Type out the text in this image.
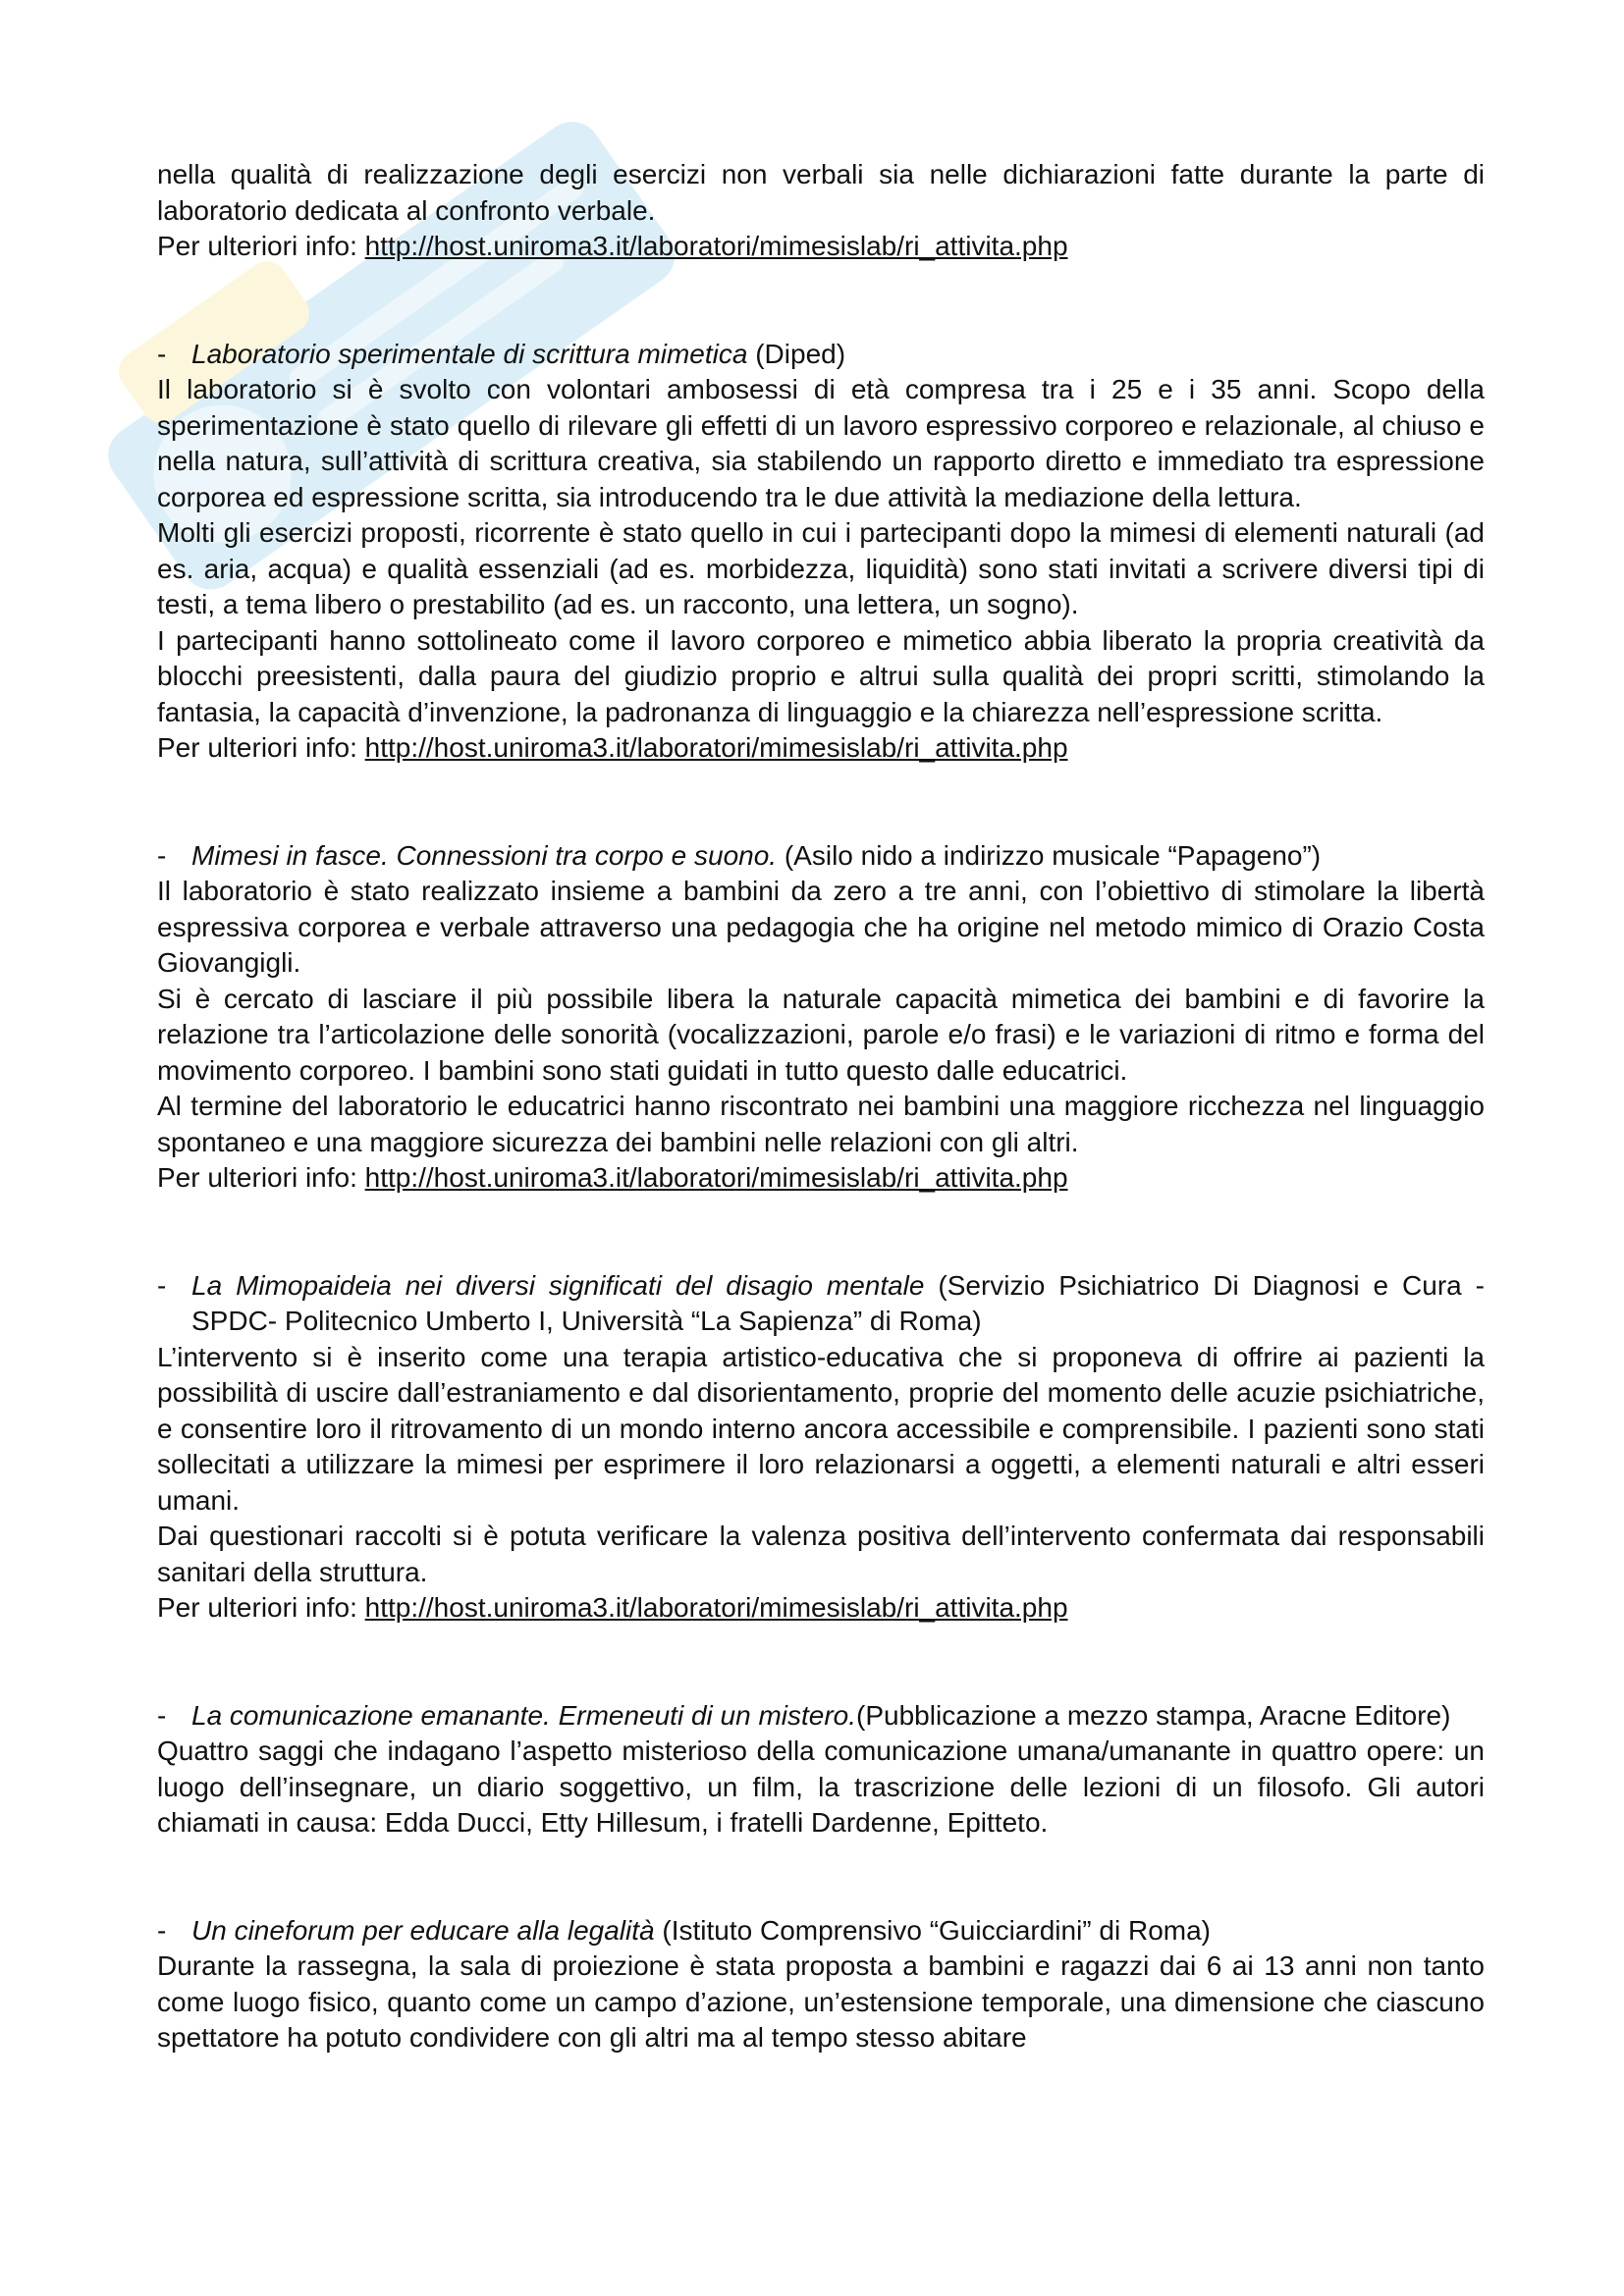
nella qualità di realizzazione degli esercizi non verbali sia nelle dichiarazioni fatte durante la parte di laboratorio dedicata al confronto verbale.

Per ulteriori info: http://host.uniroma3.it/laboratori/mimesislab/ri_attivita.php

- Laboratorio sperimentale di scrittura mimetica (Diped)

Il laboratorio si è svolto con volontari ambosessi di età compresa tra i 25 e i 35 anni. Scopo della sperimentazione è stato quello di rilevare gli effetti di un lavoro espressivo corporeo e relazionale, al chiuso e nella natura, sull’attività di scrittura creativa, sia stabilendo un rapporto diretto e immediato tra espressione corporea ed espressione scritta, sia introducendo tra le due attività la mediazione della lettura.

Molti gli esercizi proposti, ricorrente è stato quello in cui i partecipanti dopo la mimesi di elementi naturali (ad es. aria, acqua) e qualità essenziali (ad es. morbidezza, liquidità) sono stati invitati a scrivere diversi tipi di testi, a tema libero o prestabilito (ad es. un racconto, una lettera, un sogno).

I partecipanti hanno sottolineato come il lavoro corporeo e mimetico abbia liberato la propria creatività da blocchi preesistenti, dalla paura del giudizio proprio e altrui sulla qualità dei propri scritti, stimolando la fantasia, la capacità d’invenzione, la padronanza di linguaggio e la chiarezza nell’espressione scritta.

Per ulteriori info: http://host.uniroma3.it/laboratori/mimesislab/ri_attivita.php

- Mimesi in fasce. Connessioni tra corpo e suono. (Asilo nido a indirizzo musicale “Papageno”)

Il laboratorio è stato realizzato insieme a bambini da zero a tre anni, con l’obiettivo di stimolare la libertà espressiva corporea e verbale attraverso una pedagogia che ha origine nel metodo mimico di Orazio Costa Giovangigli.

Si è cercato di lasciare il più possibile libera la naturale capacità mimetica dei bambini e di favorire la relazione tra l’articolazione delle sonorità (vocalizzazioni, parole e/o frasi) e le variazioni di ritmo e forma del movimento corporeo. I bambini sono stati guidati in tutto questo dalle educatrici.

Al termine del laboratorio le educatrici hanno riscontrato nei bambini una maggiore ricchezza nel linguaggio spontaneo e una maggiore sicurezza dei bambini nelle relazioni con gli altri.

Per ulteriori info: http://host.uniroma3.it/laboratori/mimesislab/ri_attivita.php

- La Mimopaideia nei diversi significati del disagio mentale (Servizio Psichiatrico Di Diagnosi e Cura - SPDC- Politecnico Umberto I, Università “La Sapienza” di Roma)

L’intervento si è inserito come una terapia artistico-educativa che si proponeva di offrire ai pazienti la possibilità di uscire dall’estraniamento e dal disorientamento, proprie del momento delle acuzie psichiatriche, e consentire loro il ritrovamento di un mondo interno ancora accessibile e comprensibile. I pazienti sono stati sollecitati a utilizzare la mimesi per esprimere il loro relazionarsi a oggetti, a elementi naturali e altri esseri umani.

Dai questionari raccolti si è potuta verificare la valenza positiva dell’intervento confermata dai responsabili sanitari della struttura.

Per ulteriori info: http://host.uniroma3.it/laboratori/mimesislab/ri_attivita.php

- La comunicazione emanante. Ermeneuti di un mistero.(Pubblicazione a mezzo stampa, Aracne Editore)

Quattro saggi che indagano l’aspetto misterioso della comunicazione umana/umanante in quattro opere: un luogo dell’insegnare, un diario soggettivo, un film, la trascrizione delle lezioni di un filosofo. Gli autori chiamati in causa: Edda Ducci, Etty Hillesum, i fratelli Dardenne, Epitteto.

- Un cineforum per educare alla legalità (Istituto Comprensivo “Guicciardini” di Roma)

Durante la rassegna, la sala di proiezione è stata proposta a bambini e ragazzi dai 6 ai 13 anni non tanto come luogo fisico, quanto come un campo d’azione, un’estensione temporale, una dimensione che ciascuno spettatore ha potuto condividere con gli altri ma al tempo stesso abitare
